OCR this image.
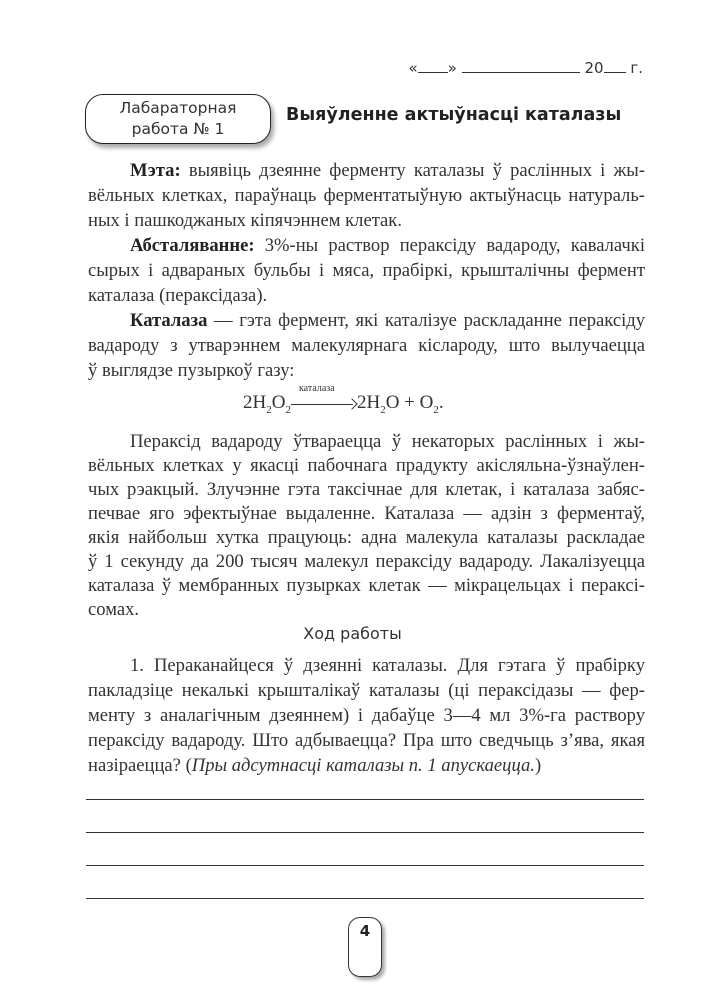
« »	20 г.
Лабараторная
работа № 1
Выяўленне актыўнасці каталазы
Мэта: выявіць дзеянне ферменту каталазы ў раслінных і жы-
вёльных клетках, параўнаць ферментатыўную актыўнасць натураль-
ных і пашкоджаных кіпячэннем клетак.
Абсталяванне: 3%-ны раствор пераксіду вадароду, кавалачкі
сырых і адвараных бульбы і мяса, прабіркі, крышталічны фермент
каталаза (пераксідаза).
Каталаза — гэта фермент, які каталізуе раскладанне пераксіду
вадароду з утварэннем малекулярнага кіслароду, што вылучаецца
ў выглядзе пузыркоў газу:
$2H_2O_2$
каталаза
$2H_2O + O_2$.
Пераксід вадароду ўтвараецца ў некаторых раслінных і жы-
вёльных клетках у якасці пабочнага прадукту акісляльна-ўзнаўлен-
чых рэакцый. Злучэнне гэта таксічнае для клетак, і каталаза забяс-
печвае яго эфектыўнае выдаленне. Каталаза — адзін з ферментаў,
якія найбольш хутка працуюць: адна малекула каталазы раскладае
ў 1 секунду да 200 тысяч малекул пераксіду вадароду. Лакалізуецца
каталаза ў мембранных пузырках клетак — мікрацельцах і пераксі-
сомах.
Ход работы
1. Пераканайцеся ў дзеянні каталазы. Для гэтага ў прабірку
пакладзіце некалькі крышталікаў каталазы (ці пераксідазы — фер-
менту з аналагічным дзеяннем) і дабаўце 3—4 мл 3%-га раствору
пераксіду вадароду. Што адбываецца? Пра што сведчыць з’ява, якая
назіраецца? (Пры адсутнасці каталазы п. 1 апускаецца.)
4
